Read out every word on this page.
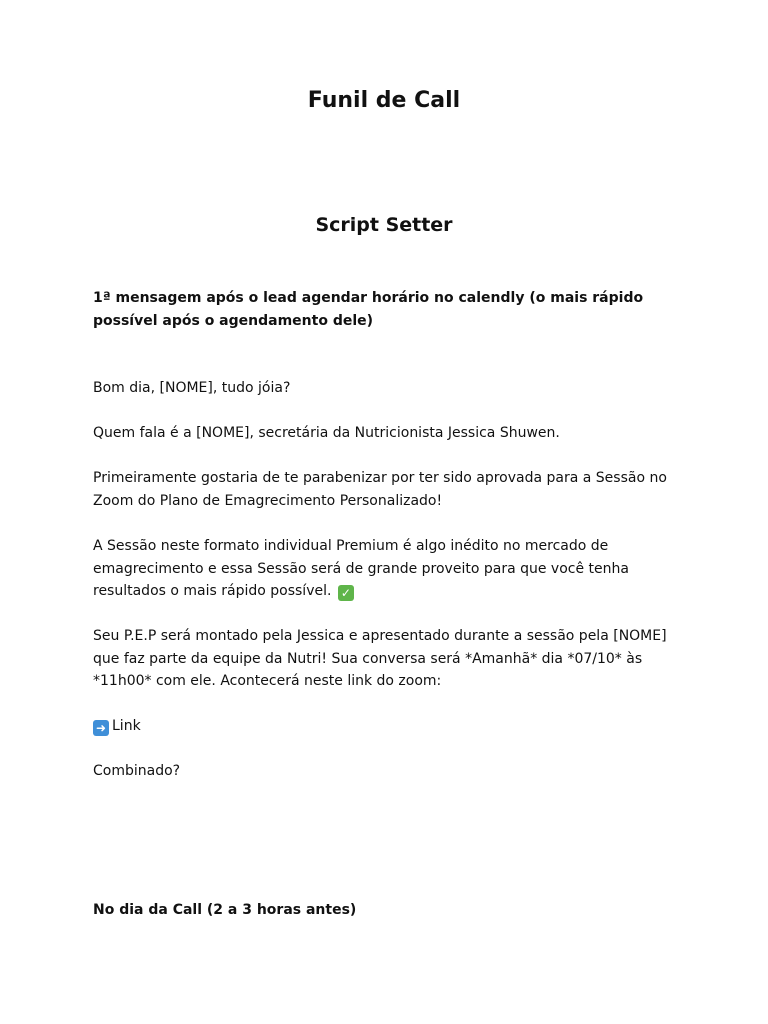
Funil de Call
Script Setter

1ª mensagem após o lead agendar horário no calendly (o mais rápido possível após o agendamento dele)

Bom dia, [NOME], tudo jóia?

Quem fala é a [NOME], secretária da Nutricionista Jessica Shuwen.

Primeiramente gostaria de te parabenizar por ter sido aprovada para a Sessão no Zoom do Plano de Emagrecimento Personalizado!

A Sessão neste formato individual Premium é algo inédito no mercado de emagrecimento e essa Sessão será de grande proveito para que você tenha resultados o mais rápido possível. ✓

Seu P.E.P será montado pela Jessica e apresentado durante a sessão pela [NOME] que faz parte da equipe da Nutri! Sua conversa será *Amanhã* dia *07/10* às *11h00* com ele. Acontecerá neste link do zoom:

➜ Link

Combinado?

No dia da Call (2 a 3 horas antes)
